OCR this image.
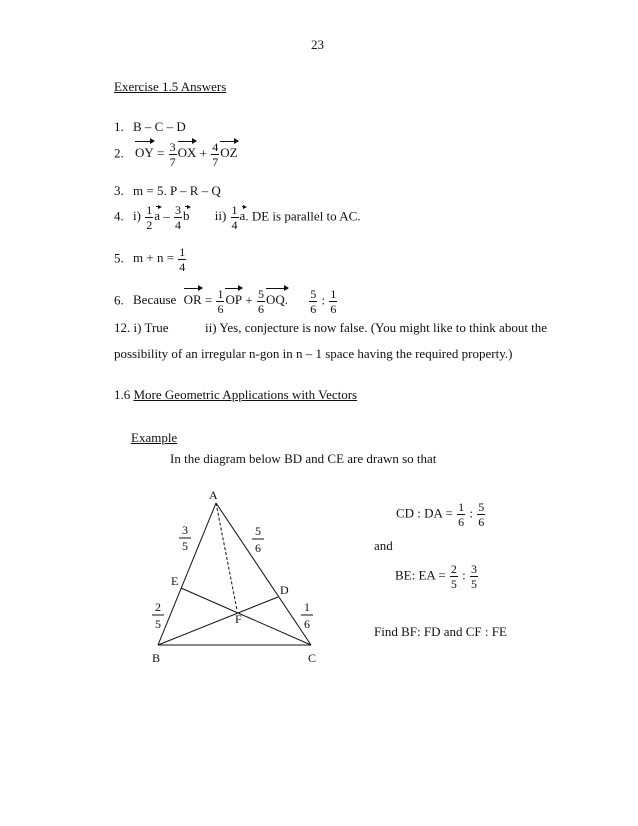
23
Exercise 1.5 Answers
1. B – C – D
2. OY = $\frac{3}{7}$ OX + $\frac{4}{7}$ OZ
3. m = 5. P – R – Q
4. $i) \frac{1}{2}$ a – $\frac{3}{4}$ b $ii) \frac{1}{4} a$. DE is parallel to AC.
5. $m + n = \frac{1}{4}$
6. Because OR = $\frac{1}{6}$ OP + $\frac{5}{6}$ OQ. $\frac{5}{6}$ : $\frac{1}{6}$
12. i) True	ii) Yes, conjecture is now false. (You might like to think about the
possibility of an irregular n-gon in n – 1 space having the required property.)
1.6 More Geometric Applications with Vectors
Example
In the diagram below BD and CE are drawn so that
CD : DA = $\frac{1}{6}$ : $\frac{5}{6}$
and
BE: EA = $\frac{2}{5}$ : $\frac{3}{5}$
Find BF: FD and CF : FE
A
B	C
D
E
F
3
5
2
5
5
6
1
6
